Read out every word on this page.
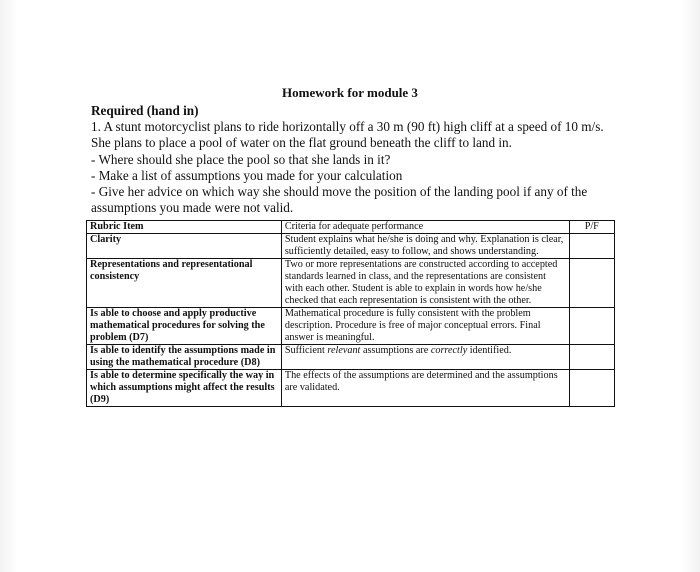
Homework for module 3

Required (hand in)

1. A stunt motorcyclist plans to ride horizontally off a 30 m (90 ft) high cliff at a speed of 10 m/s. She plans to place a pool of water on the flat ground beneath the cliff to land in.

- Where should she place the pool so that she lands in it?

- Make a list of assumptions you made for your calculation

- Give her advice on which way she should move the position of the landing pool if any of the assumptions you made were not valid.

Rubric Item	Criteria for adequate performance	P/F
Clarity	Student explains what he/she is doing and why. Explanation is clear, sufficiently detailed, easy to follow, and shows understanding.	
Representations and representational consistency	Two or more representations are constructed according to accepted standards learned in class, and the representations are consistent with each other. Student is able to explain in words how he/she checked that each representation is consistent with the other.	
Is able to choose and apply productive mathematical procedures for solving the problem (D7)	Mathematical procedure is fully consistent with the problem description. Procedure is free of major conceptual errors. Final answer is meaningful.	
Is able to identify the assumptions made in using the mathematical procedure (D8)	Sufficient relevant assumptions are correctly identified.	
Is able to determine specifically the way in which assumptions might affect the results (D9)	The effects of the assumptions are determined and the assumptions are validated.	
